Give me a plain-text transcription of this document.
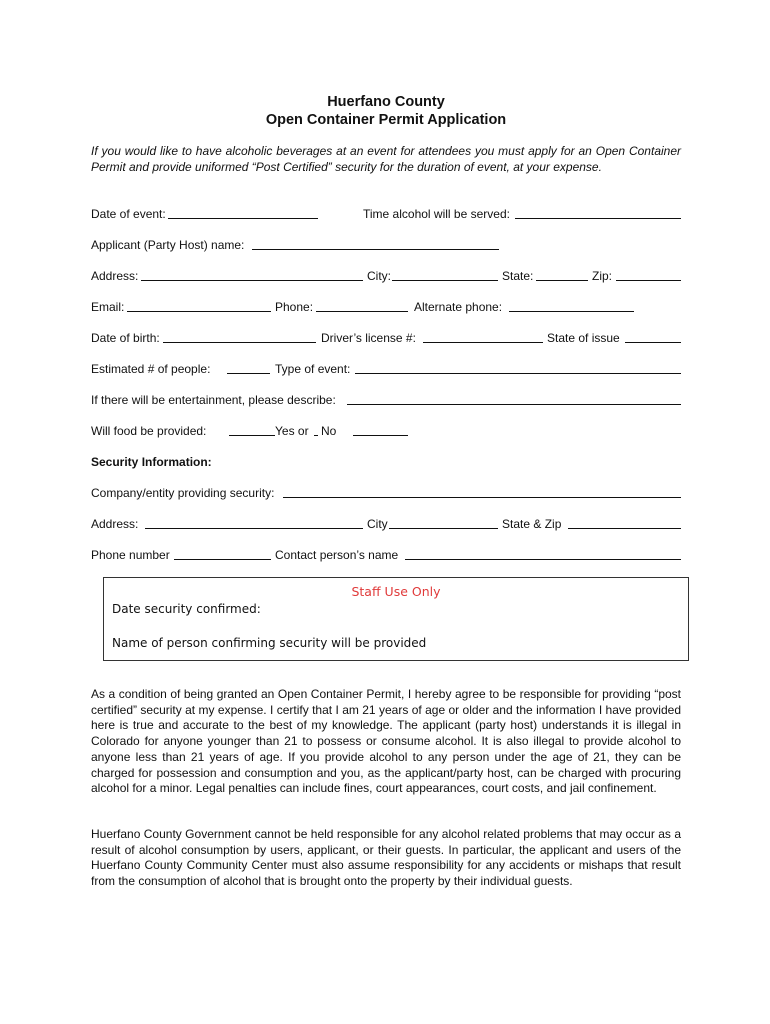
Huerfano County
Open Container Permit Application
If you would like to have alcoholic beverages at an event for attendees you must apply for an Open Container Permit and provide uniformed “Post Certified” security for the duration of event, at your expense.
Date of event:	Time alcohol will be served:
Applicant (Party Host) name:
Address:	City:	State:	Zip:
Email:	Phone:	Alternate phone:
Date of birth:	Driver’s license #:	State of issue
Estimated # of people:	Type of event:
If there will be entertainment, please describe:
Will food be provided:	Yes or No
Security Information:
Company/entity providing security:
Address:	City	State & Zip
Phone number	Contact person’s name
As a condition of being granted an Open Container Permit, I hereby agree to be responsible for providing “post certified” security at my expense. I certify that I am 21 years of age or older and the information I have provided here is true and accurate to the best of my knowledge. The applicant (party host) understands it is illegal in Colorado for anyone younger than 21 to possess or consume alcohol. It is also illegal to provide alcohol to anyone less than 21 years of age. If you provide alcohol to any person under the age of 21, they can be charged for possession and consumption and you, as the applicant/party host, can be charged with procuring alcohol for a minor. Legal penalties can include fines, court appearances, court costs, and jail confinement.
Huerfano County Government cannot be held responsible for any alcohol related problems that may occur as a result of alcohol consumption by users, applicant, or their guests. In particular, the applicant and users of the Huerfano County Community Center must also assume responsibility for any accidents or mishaps that result from the consumption of alcohol that is brought onto the property by their individual guests.
Staff Use Only
Date security confirmed:
Name of person confirming security will be provided
